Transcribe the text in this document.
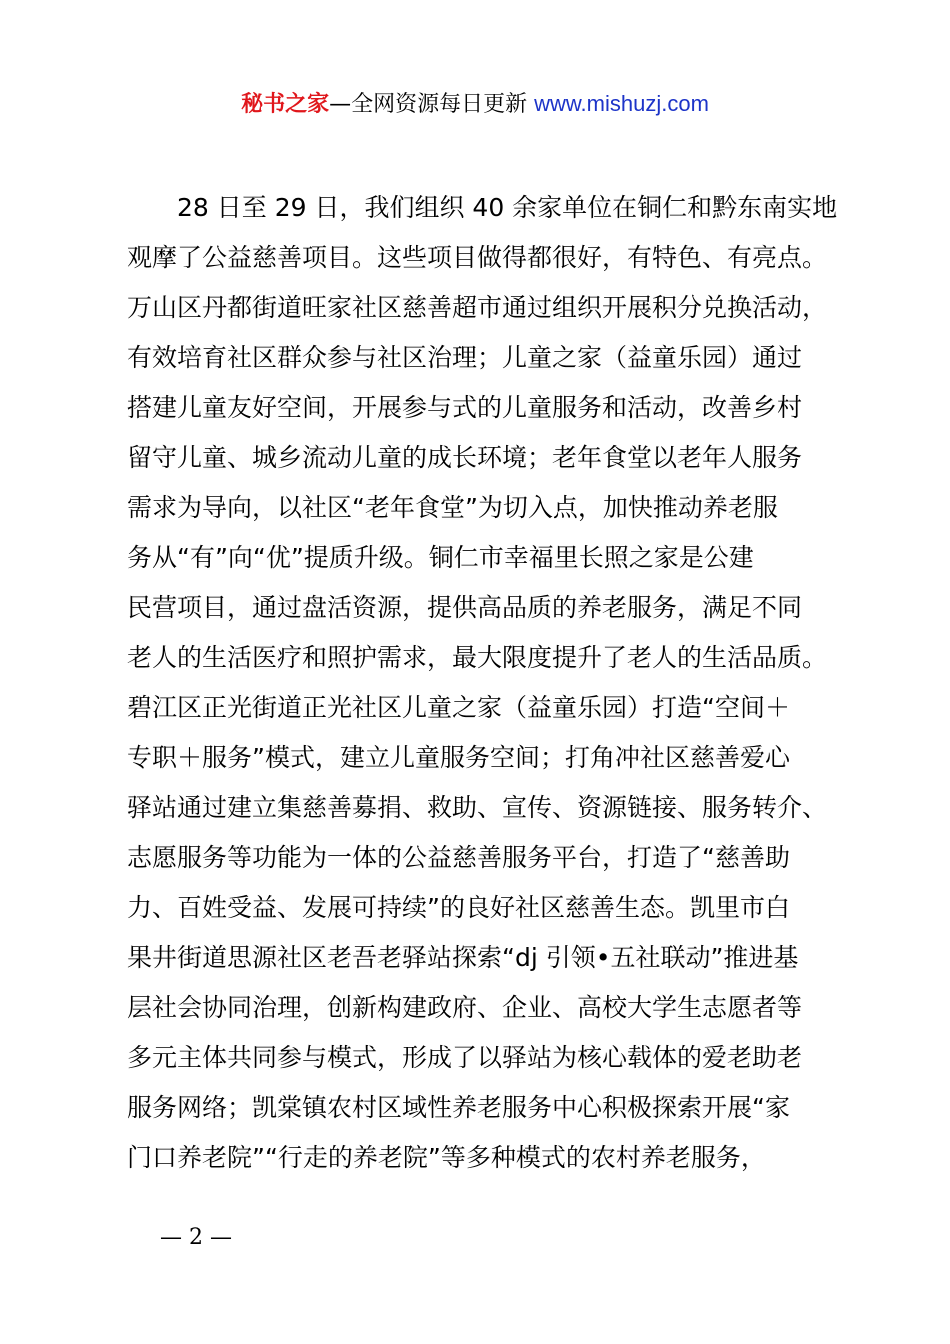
秘书之家—全网资源每日更新 www.mishuzj.com
28 日至 29 日，我们组织 40 余家单位在铜仁和黔东南实地
观摩了公益慈善项目。这些项目做得都很好，有特色、有亮点。
万山区丹都街道旺家社区慈善超市通过组织开展积分兑换活动，
有效培育社区群众参与社区治理；儿童之家（益童乐园）通过
搭建儿童友好空间，开展参与式的儿童服务和活动，改善乡村
留守儿童、城乡流动儿童的成长环境；老年食堂以老年人服务
需求为导向，以社区“老年食堂”为切入点，加快推动养老服
务从“有”向“优”提质升级。铜仁市幸福里长照之家是公建
民营项目，通过盘活资源，提供高品质的养老服务，满足不同
老人的生活医疗和照护需求，最大限度提升了老人的生活品质。
碧江区正光街道正光社区儿童之家（益童乐园）打造“空间＋
专职＋服务”模式，建立儿童服务空间；打角冲社区慈善爱心
驿站通过建立集慈善募捐、救助、宣传、资源链接、服务转介、
志愿服务等功能为一体的公益慈善服务平台，打造了“慈善助
力、百姓受益、发展可持续”的良好社区慈善生态。凯里市白
果井街道思源社区老吾老驿站探索“dj 引领•五社联动”推进基
层社会协同治理，创新构建政府、企业、高校大学生志愿者等
多元主体共同参与模式，形成了以驿站为核心载体的爱老助老
服务网络；凯棠镇农村区域性养老服务中心积极探索开展“家
门口养老院”“行走的养老院”等多种模式的农村养老服务，
— 2 —
